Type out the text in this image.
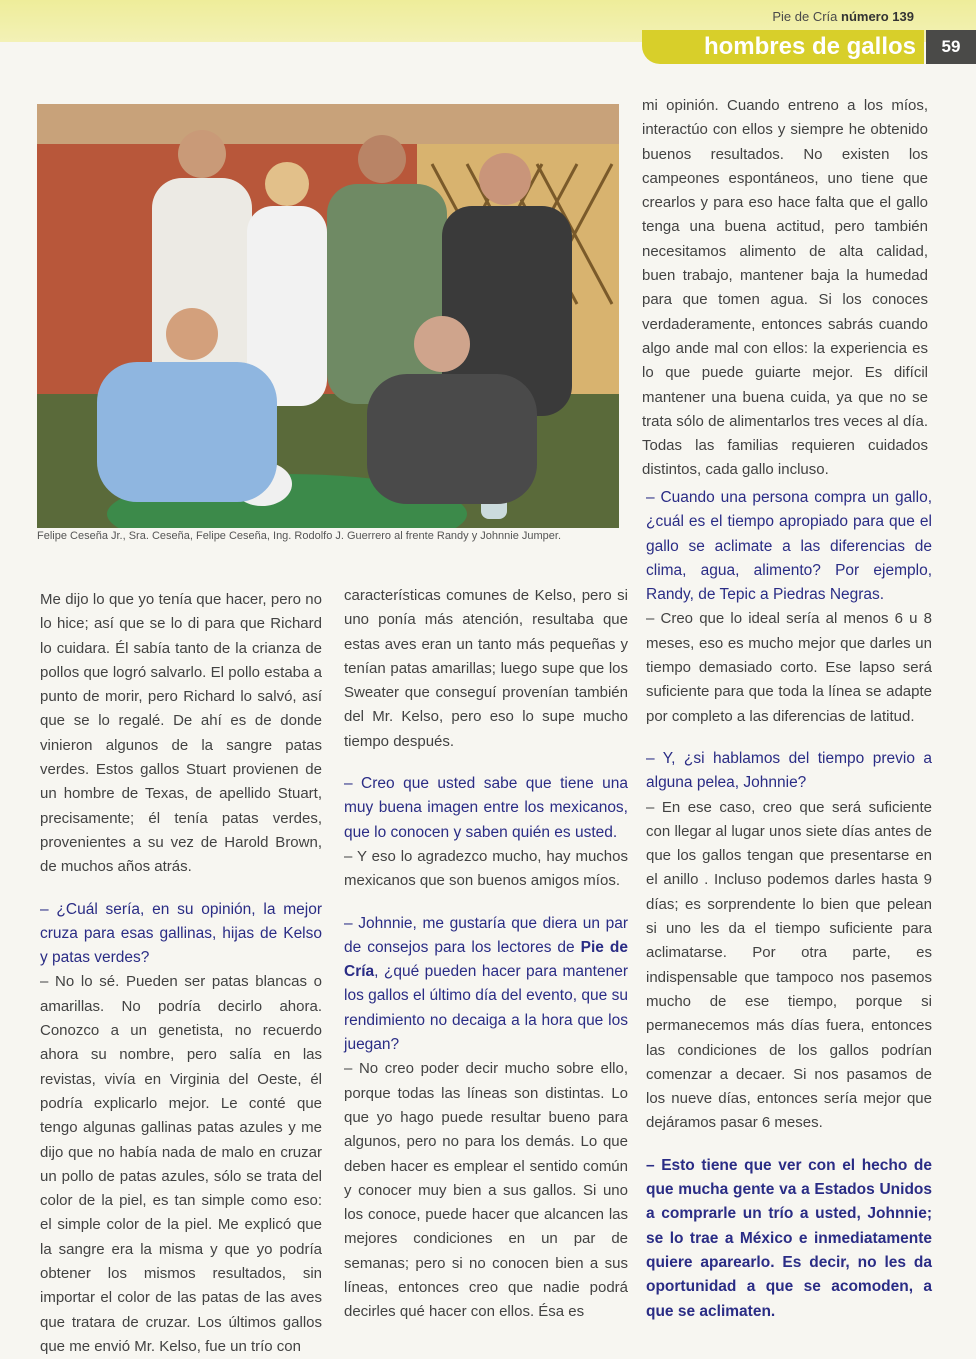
Pie de Cría número 139
hombres de gallos	59
Felipe Ceseña Jr., Sra. Ceseña, Felipe Ceseña, Ing. Rodolfo J. Guerrero al frente Randy y Johnnie Jumper.

Me dijo lo que yo tenía que hacer, pero no lo hice; así que se lo di para que Richard lo cuidara. Él sabía tanto de la crianza de pollos que logró salvarlo. El pollo estaba a punto de morir, pero Richard lo salvó, así que se lo regalé. De ahí es de donde vinieron algunos de la sangre patas verdes. Estos gallos Stuart provienen de un hombre de Texas, de apellido Stuart, precisamente; él tenía patas verdes, provenientes a su vez de Harold Brown, de muchos años atrás.

– ¿Cuál sería, en su opinión, la mejor cruza para esas gallinas, hijas de Kelso y patas verdes?

– No lo sé. Pueden ser patas blancas o amarillas. No podría decirlo ahora. Conozco a un genetista, no recuerdo ahora su nombre, pero salía en las revistas, vivía en Virginia del Oeste, él podría explicarlo mejor. Le conté que tengo algunas gallinas patas azules y me dijo que no había nada de malo en cruzar un pollo de patas azules, sólo se trata del color de la piel, es tan simple como eso: el simple color de la piel. Me explicó que la sangre era la misma y que yo podría obtener los mismos resultados, sin importar el color de las patas de las aves que tratara de cruzar. Los últimos gallos que me envió Mr. Kelso, fue un trío con

características comunes de Kelso, pero si uno ponía más atención, resultaba que estas aves eran un tanto más pequeñas y tenían patas amarillas; luego supe que los Sweater que conseguí provenían también del Mr. Kelso, pero eso lo supe mucho tiempo después.

– Creo que usted sabe que tiene una muy buena imagen entre los mexicanos, que lo conocen y saben quién es usted.

– Y eso lo agradezco mucho, hay muchos mexicanos que son buenos amigos míos.

– Johnnie, me gustaría que diera un par de consejos para los lectores de Pie de Cría, ¿qué pueden hacer para mantener los gallos el último día del evento, que su rendimiento no decaiga a la hora que los juegan?

– No creo poder decir mucho sobre ello, porque todas las líneas son distintas. Lo que yo hago puede resultar bueno para algunos, pero no para los demás. Lo que deben hacer es emplear el sentido común y conocer muy bien a sus gallos. Si uno los conoce, puede hacer que alcancen las mejores condiciones en un par de semanas; pero si no conocen bien a sus líneas, entonces creo que nadie podrá decirles qué hacer con ellos. Ésa es

mi opinión. Cuando entreno a los míos, interactúo con ellos y siempre he obtenido buenos resultados. No existen los campeones espontáneos, uno tiene que crearlos y para eso hace falta que el gallo tenga una buena actitud, pero también necesitamos alimento de alta calidad, buen trabajo, mantener baja la humedad para que tomen agua. Si los conoces verdaderamente, entonces sabrás cuando algo ande mal con ellos: la experiencia es lo que puede guiarte mejor. Es difícil mantener una buena cuida, ya que no se trata sólo de alimentarlos tres veces al día. Todas las familias requieren cuidados distintos, cada gallo incluso.

– Cuando una persona compra un gallo, ¿cuál es el tiempo apropiado para que el gallo se aclimate a las diferencias de clima, agua, alimento? Por ejemplo, Randy, de Tepic a Piedras Negras.

– Creo que lo ideal sería al menos 6 u 8 meses, eso es mucho mejor que darles un tiempo demasiado corto. Ese lapso será suficiente para que toda la línea se adapte por completo a las diferencias de latitud.

– Y, ¿si hablamos del tiempo previo a alguna pelea, Johnnie?

– En ese caso, creo que será suficiente con llegar al lugar unos siete días antes de que los gallos tengan que presentarse en el anillo . Incluso podemos darles hasta 9 días; es sorprendente lo bien que pelean si uno les da el tiempo suficiente para aclimatarse. Por otra parte, es indispensable que tampoco nos pasemos mucho de ese tiempo, porque si permanecemos más días fuera, entonces las condiciones de los gallos podrían comenzar a decaer. Si nos pasamos de los nueve días, entonces sería mejor que dejáramos pasar 6 meses.

– Esto tiene que ver con el hecho de que mucha gente va a Estados Unidos a comprarle un trío a usted, Johnnie; se lo trae a México e inmediatamente quiere aparearlo. Es decir, no les da oportunidad a que se acomoden, a que se aclimaten.
